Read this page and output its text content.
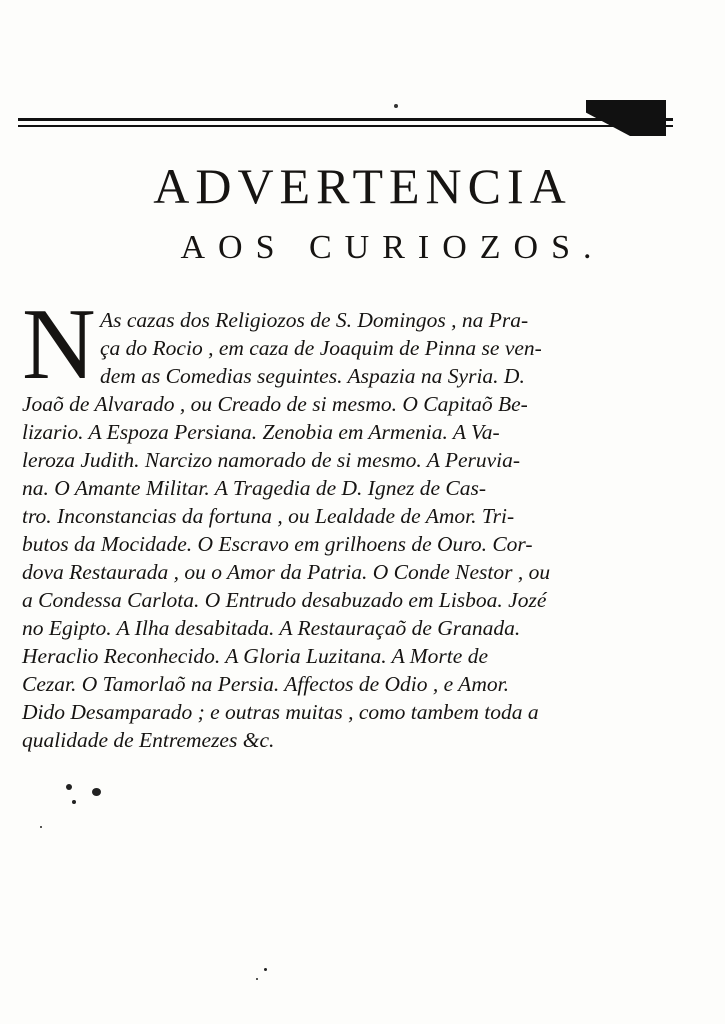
ADVERTENCIA
AOS CURIOZOS.
N As cazas dos Religiozos de S. Domingos , na Pra-
ça do Rocio , em caza de Joaquim de Pinna se ven-
dem as Comedias seguintes. Aspazia na Syria. D.
Joaõ de Alvarado , ou Creado de si mesmo. O Capitaõ Be-
lizario. A Espoza Persiana. Zenobia em Armenia. A Va-
leroza Judith. Narcizo namorado de si mesmo. A Peruvia-
na. O Amante Militar. A Tragedia de D. Ignez de Cas-
tro. Inconstancias da fortuna , ou Lealdade de Amor. Tri-
butos da Mocidade. O Escravo em grilhoens de Ouro. Cor-
dova Restaurada , ou o Amor da Patria. O Conde Nestor , ou
a Condessa Carlota. O Entrudo desabuzado em Lisboa. Jozé
no Egipto. A Ilha desabitada. A Restauraçaõ de Granada.
Heraclio Reconhecido. A Gloria Luzitana. A Morte de
Cezar. O Tamorlaõ na Persia. Affectos de Odio , e Amor.
Dido Desamparado ; e outras muitas , como tambem toda a
qualidade de Entremezes &c.
